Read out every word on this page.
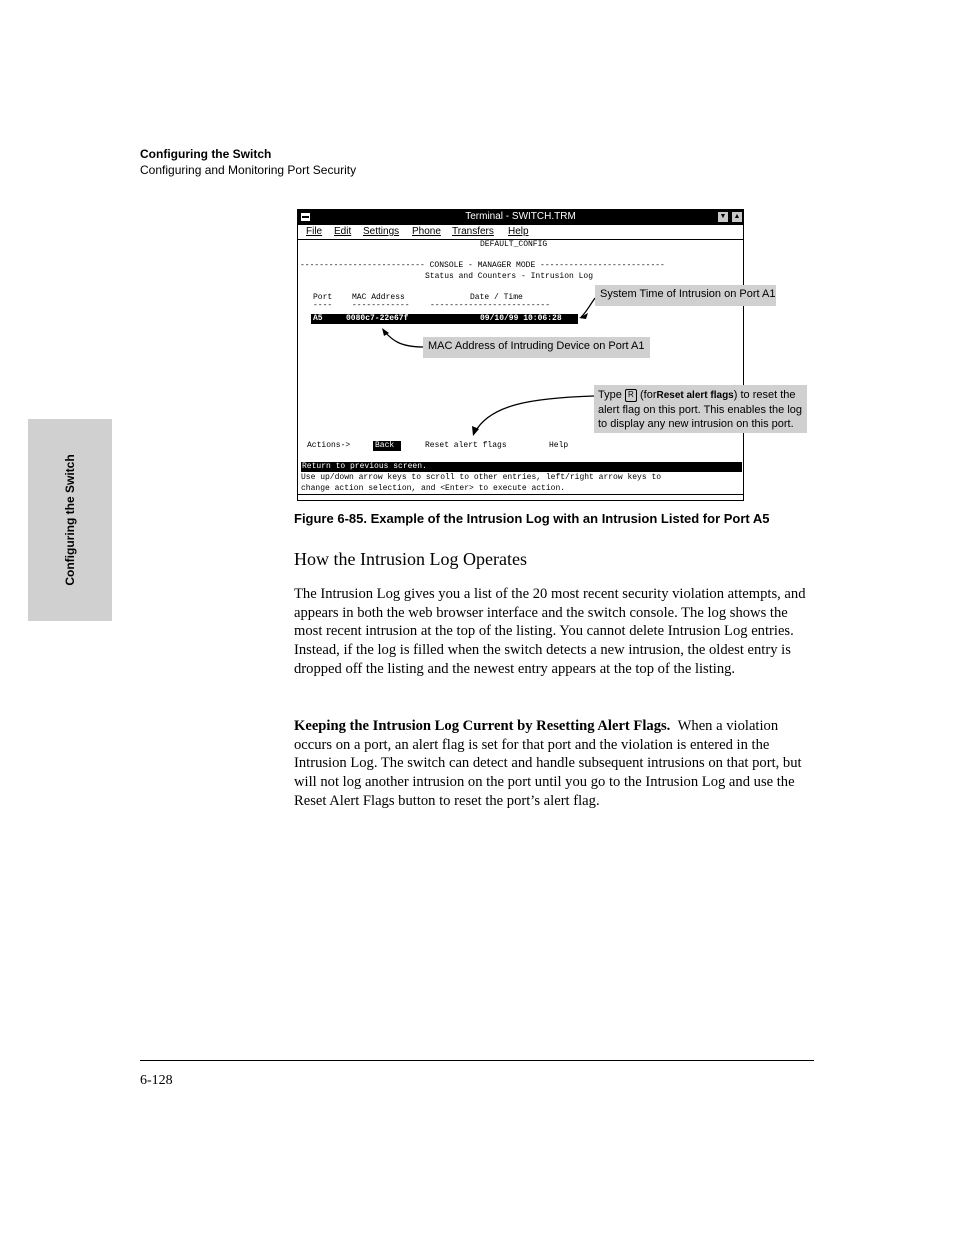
Configuring the Switch
Configuring and Monitoring Port Security
Configuring the Switch
Terminal - SWITCH.TRM	▼	▲
File Edit Settings Phone Transfers Help
DEFAULT_CONFIG
-------------------------- CONSOLE - MANAGER MODE --------------------------
Status and Counters - Intrusion Log
Port MAC Address	Date / Time
---- ------------	-------------------------
A5	0080c7-22e67f	09/10/99 10:06:28
Actions->	Back	Reset alert flags	Help
Return to previous screen.
Use up/down arrow keys to scroll to other entries, left/right arrow keys to
change action selection, and <Enter> to execute action.
System Time of Intrusion on Port A1
MAC Address of Intruding Device on Port A1
Type R (forReset alert flags) to reset the
alert flag on this port. This enables the log
to display any new intrusion on this port.
Figure 6-85. Example of the Intrusion Log with an Intrusion Listed for Port A5
How the Intrusion Log Operates
The Intrusion Log gives you a list of the 20 most recent security violation attempts, and appears in both the web browser interface and the switch console. The log shows the most recent intrusion at the top of the listing. You cannot delete Intrusion Log entries. Instead, if the log is filled when the switch detects a new intrusion, the oldest entry is dropped off the listing and the newest entry appears at the top of the listing.
Keeping the Intrusion Log Current by Resetting Alert Flags. When a violation occurs on a port, an alert flag is set for that port and the violation is entered in the Intrusion Log. The switch can detect and handle subsequent intrusions on that port, but will not log another intrusion on the port until you go to the Intrusion Log and use the Reset Alert Flags button to reset the port’s alert flag.
6-128
